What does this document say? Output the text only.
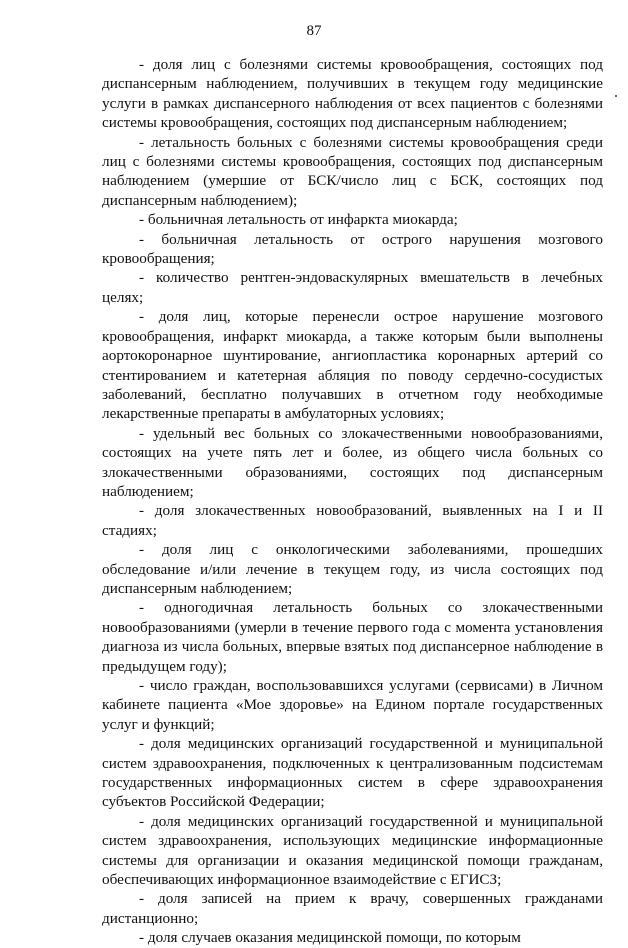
87

- доля лиц с болезнями системы кровообращения, состоящих под диспансерным наблюдением, получивших в текущем году медицинские услуги в рамках диспансерного наблюдения от всех пациентов с болезнями системы кровообращения, состоящих под диспансерным наблюдением;

- летальность больных с болезнями системы кровообращения среди лиц с болезнями системы кровообращения, состоящих под диспансерным наблюдением (умершие от БСК/число лиц с БСК, состоящих под диспансерным наблюдением);

- больничная летальность от инфаркта миокарда;

- больничная летальность от острого нарушения мозгового кровообращения;

- количество рентген-эндоваскулярных вмешательств в лечебных целях;

- доля лиц, которые перенесли острое нарушение мозгового кровообращения, инфаркт миокарда, а также которым были выполнены аортокоронарное шунтирование, ангиопластика коронарных артерий со стентированием и катетерная абляция по поводу сердечно-сосудистых заболеваний, бесплатно получавших в отчетном году необходимые лекарственные препараты в амбулаторных условиях;

- удельный вес больных со злокачественными новообразованиями, состоящих на учете пять лет и более, из общего числа больных со злокачественными образованиями, состоящих под диспансерным наблюдением;

- доля злокачественных новообразований, выявленных на I и II стадиях;

- доля лиц с онкологическими заболеваниями, прошедших обследование и/или лечение в текущем году, из числа состоящих под диспансерным наблюдением;

- одногодичная летальность больных со злокачественными новообразованиями (умерли в течение первого года с момента установления диагноза из числа больных, впервые взятых под диспансерное наблюдение в предыдущем году);

- число граждан, воспользовавшихся услугами (сервисами) в Личном кабинете пациента «Мое здоровье» на Едином портале государственных услуг и функций;

- доля медицинских организаций государственной и муниципальной систем здравоохранения, подключенных к централизованным подсистемам государственных информационных систем в сфере здравоохранения субъектов Российской Федерации;

- доля медицинских организаций государственной и муниципальной систем здравоохранения, использующих медицинские информационные системы для организации и оказания медицинской помощи гражданам, обеспечивающих информационное взаимодействие с ЕГИСЗ;

- доля записей на прием к врачу, совершенных гражданами дистанционно;

- доля случаев оказания медицинской помощи, по которым
